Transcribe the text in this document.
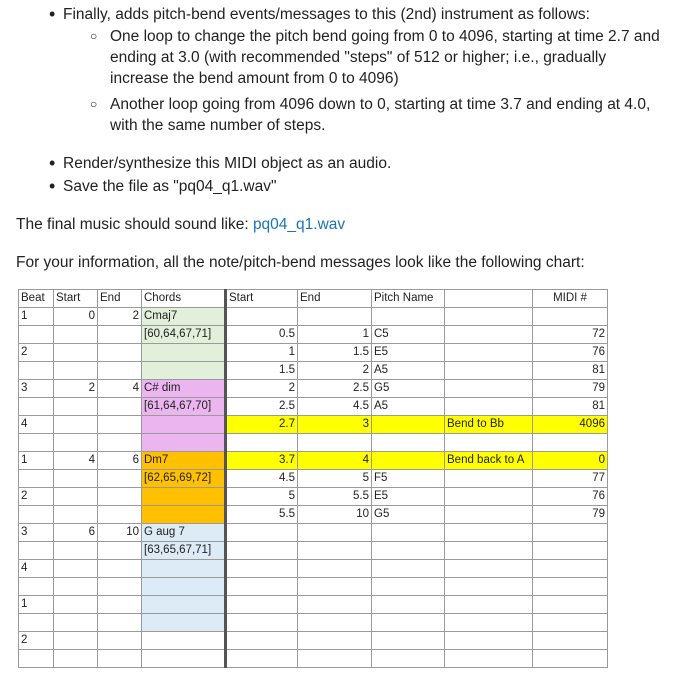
• Finally, adds pitch-bend events/messages to this (2nd) instrument as follows:
○ One loop to change the pitch bend going from 0 to 4096, starting at time 2.7 and ending at 3.0 (with recommended "steps" of 512 or higher; i.e., gradually increase the bend amount from 0 to 4096)
○ Another loop going from 4096 down to 0, starting at time 3.7 and ending at 4.0, with the same number of steps.
• Render/synthesize this MIDI object as an audio.
• Save the file as "pq04_q1.wav"
The final music should sound like: pq04_q1.wav
For your information, all the note/pitch-bend messages look like the following chart:
Beat	Start	End	Chords	Start	End	Pitch Name		MIDI #
1	0	2	Cmaj7					
			[60,64,67,71]	0.5	1	C5		72
2				1	1.5	E5		76
				1.5	2	A5		81
3	2	4	C# dim	2	2.5	G5		79
			[61,64,67,70]	2.5	4.5	A5		81
4				2.7	3		Bend to Bb	4096

1	4	6	Dm7	3.7	4		Bend back to A	0
			[62,65,69,72]	4.5	5	F5		77
2				5	5.5	E5		76
				5.5	10	G5		79
3	6	10	G aug 7					
			[63,65,67,71]					
4								

1								

2								
